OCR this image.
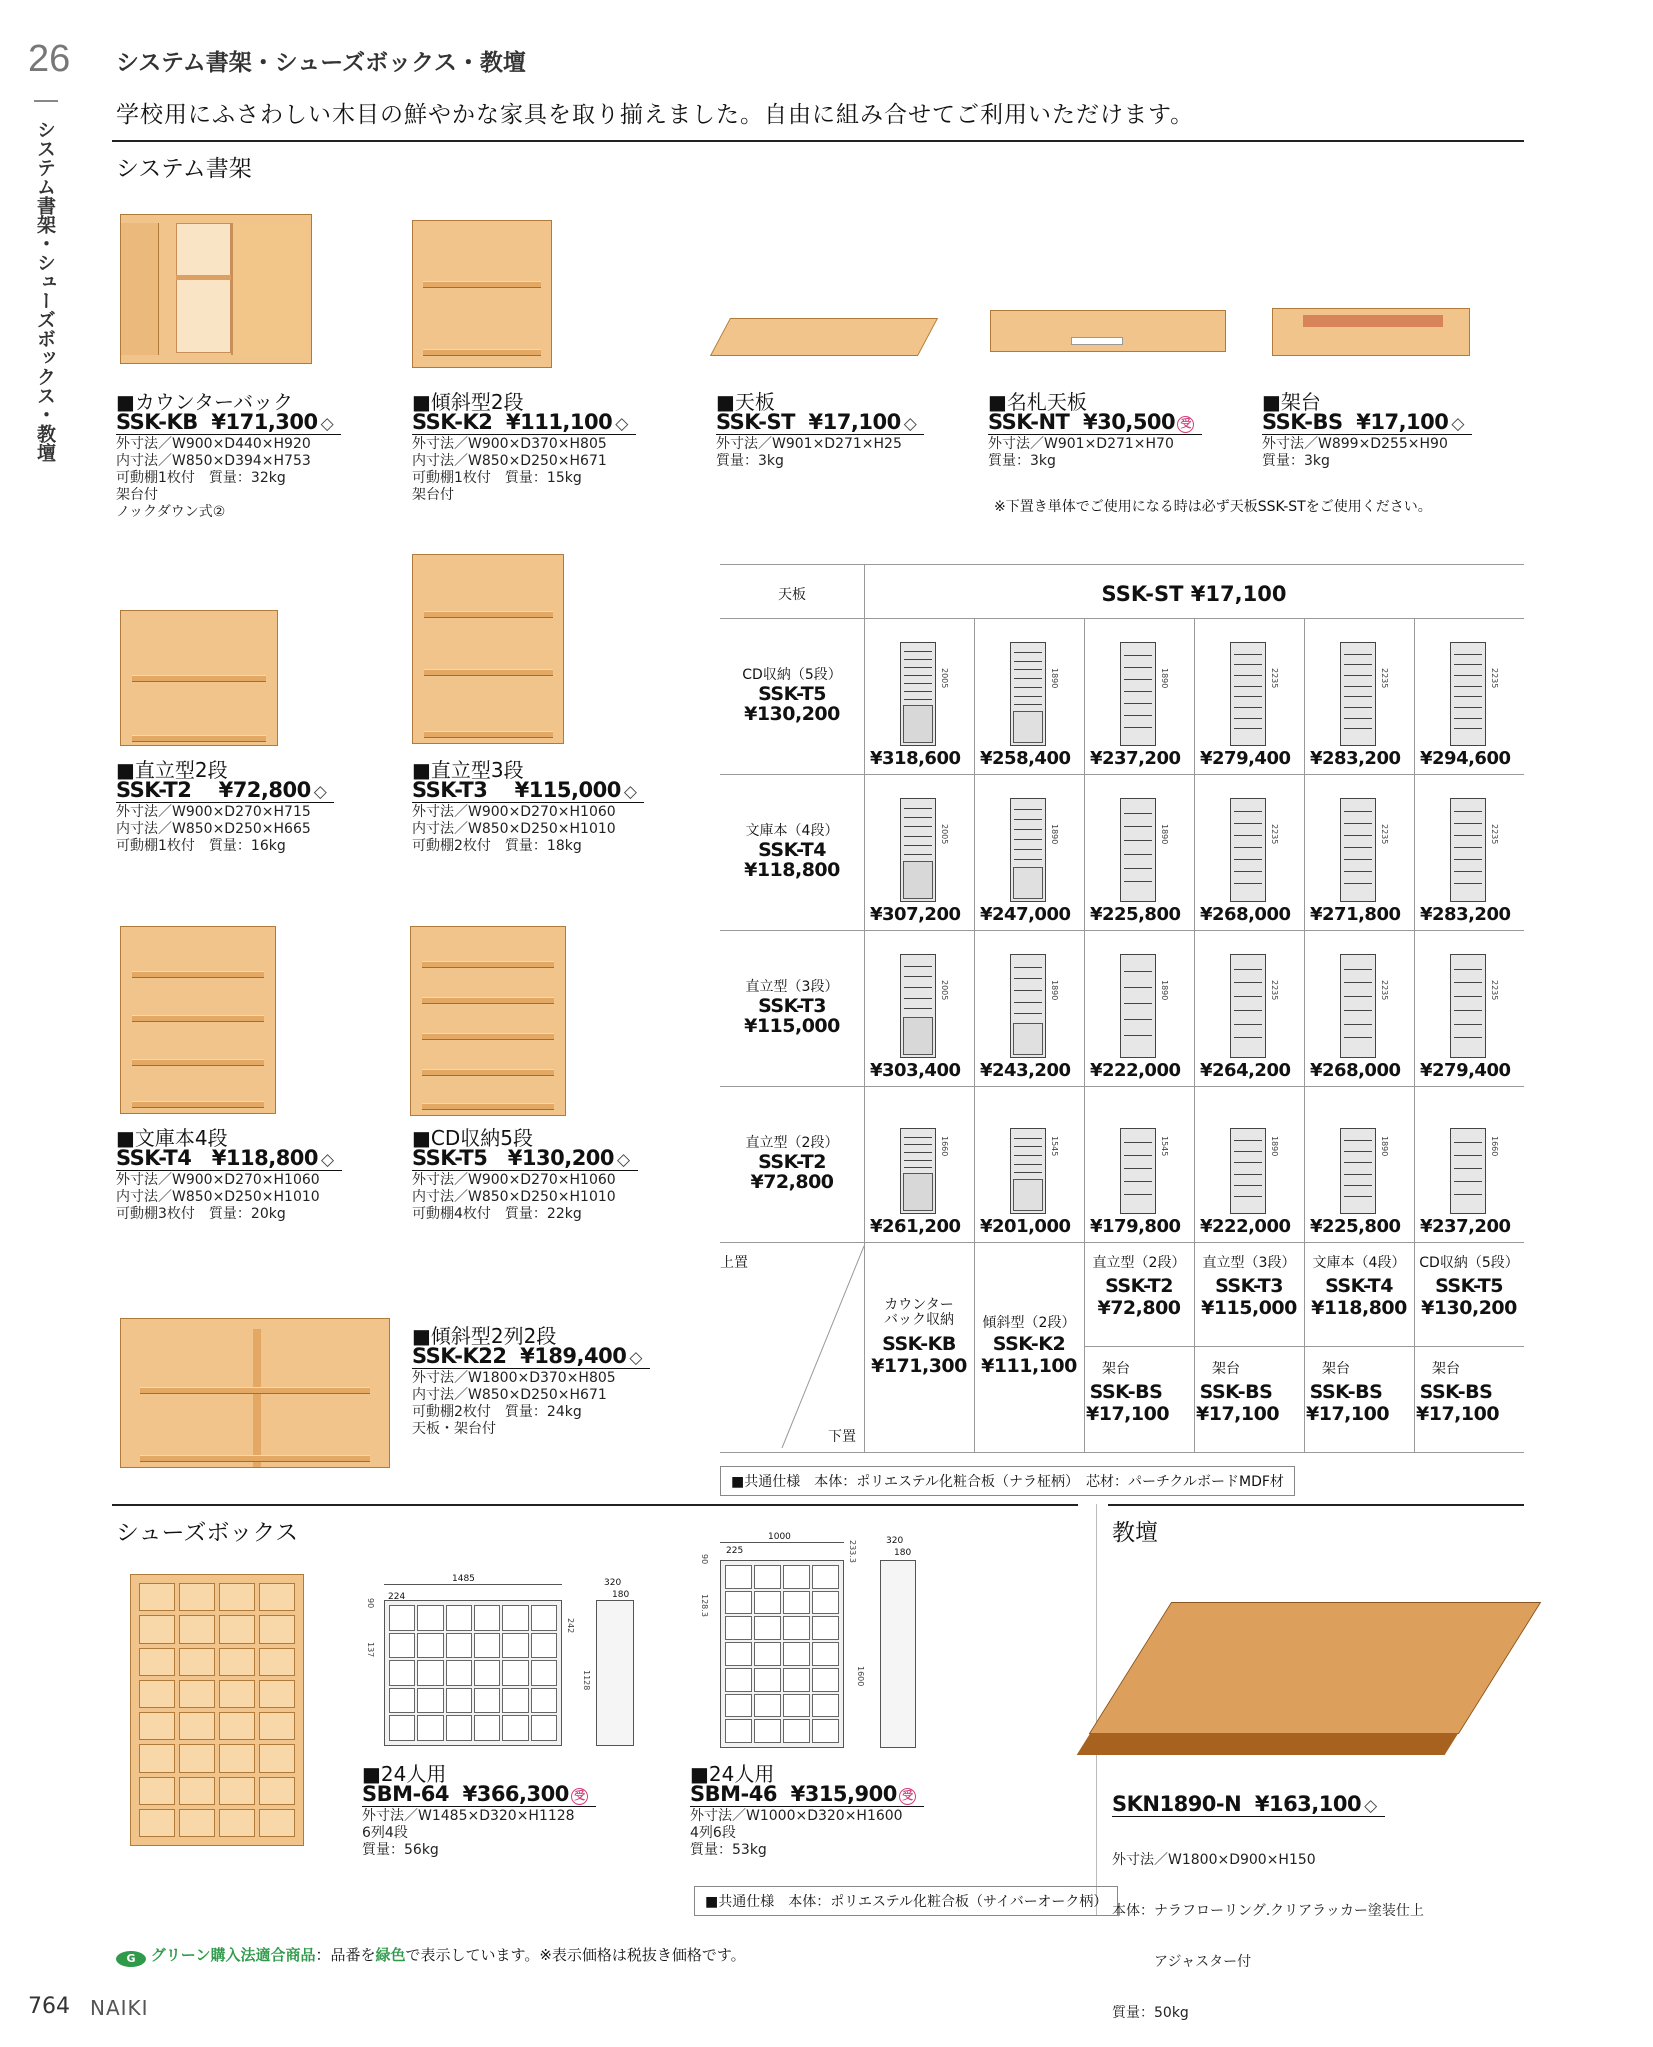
26
システム書架・シューズボックス・教壇
システム書架・シューズボックス・教壇
学校用にふさわしい木目の鮮やかな家具を取り揃えました。自由に組み合せてご利用いただけます。
システム書架
■カウンターバック
SSK-KB ¥171,300 ◇
外寸法／W900×D440×H920
内寸法／W850×D394×H753
可動棚1枚付　質量：32kg
架台付
ノックダウン式②
■傾斜型2段
SSK-K2 ¥111,100 ◇
外寸法／W900×D370×H805
内寸法／W850×D250×H671
可動棚1枚付　質量：15kg
架台付
■天板
SSK-ST ¥17,100 ◇
外寸法／W901×D271×H25
質量：3kg
■名札天板
SSK-NT ¥30,500 受
外寸法／W901×D271×H70
質量：3kg
■架台
SSK-BS ¥17,100 ◇
外寸法／W899×D255×H90
質量：3kg
※下置き単体でご使用になる時は必ず天板SSK-STをご使用ください。
■直立型2段
SSK-T2 ¥72,800 ◇
外寸法／W900×D270×H715
内寸法／W850×D250×H665
可動棚1枚付　質量：16kg
■直立型3段
SSK-T3 ¥115,000 ◇
外寸法／W900×D270×H1060
内寸法／W850×D250×H1010
可動棚2枚付　質量：18kg
■文庫本4段
SSK-T4 ¥118,800 ◇
外寸法／W900×D270×H1060
内寸法／W850×D250×H1010
可動棚3枚付　質量：20kg
■CD収納5段
SSK-T5 ¥130,200 ◇
外寸法／W900×D270×H1060
内寸法／W850×D250×H1010
可動棚4枚付　質量：22kg
■傾斜型2列2段
SSK-K22 ¥189,400 ◇
外寸法／W1800×D370×H805
内寸法／W850×D250×H671
可動棚2枚付　質量：24kg
天板・架台付
天板	SSK-ST ¥17,100
CD収納（5段）
SSK-T5
¥130,200
2005
¥318,600
1890
¥258,400
1890
¥237,200
2235
¥279,400
2235
¥283,200
2235
¥294,600
文庫本（4段）
SSK-T4
¥118,800
2005
¥307,200
1890
¥247,000
1890
¥225,800
2235
¥268,000
2235
¥271,800
2235
¥283,200
直立型（3段）
SSK-T3
¥115,000
2005
¥303,400
1890
¥243,200
1890
¥222,000
2235
¥264,200
2235
¥268,000
2235
¥279,400
直立型（2段）
SSK-T2
¥72,800
1660
¥261,200
1545
¥201,000
1545
¥179,800
1890
¥222,000
1890
¥225,800
1660
¥237,200
上置
下置
カウンター
バック収納
SSK-KB
¥171,300
傾斜型（2段）
SSK-K2
¥111,100
直立型（2段）
SSK-T2
¥72,800
架台
SSK-BS
¥17,100
直立型（3段）
SSK-T3
¥115,000
架台
SSK-BS
¥17,100
文庫本（4段）
SSK-T4
¥118,800
架台
SSK-BS
¥17,100
CD収納（5段）
SSK-T5
¥130,200
架台
SSK-BS
¥17,100
■共通仕様　本体：ポリエステル化粧合板（ナラ柾柄）　芯材：パーチクルボードMDF材
シューズボックス
1485
224
90
137
242
1128
320
180
1000
225
90
128.3
233.3
1600
320
180
■24人用
SBM-64 ¥366,300 受
外寸法／W1485×D320×H1128
6列4段
質量：56kg
■24人用
SBM-46 ¥315,900 受
外寸法／W1000×D320×H1600
4列6段
質量：53kg
■共通仕様　本体：ポリエステル化粧合板（サイバーオーク柄）
教壇
SKN1890-N ¥163,100 ◇

外寸法／W1800×D900×H150

本体：ナラフローリング.クリアラッカー塗装仕上

　　　アジャスター付

質量：50kg

G グリーン購入法適合商品：品番を緑色で表示しています。※表示価格は税抜き価格です。
764 NAIKI
